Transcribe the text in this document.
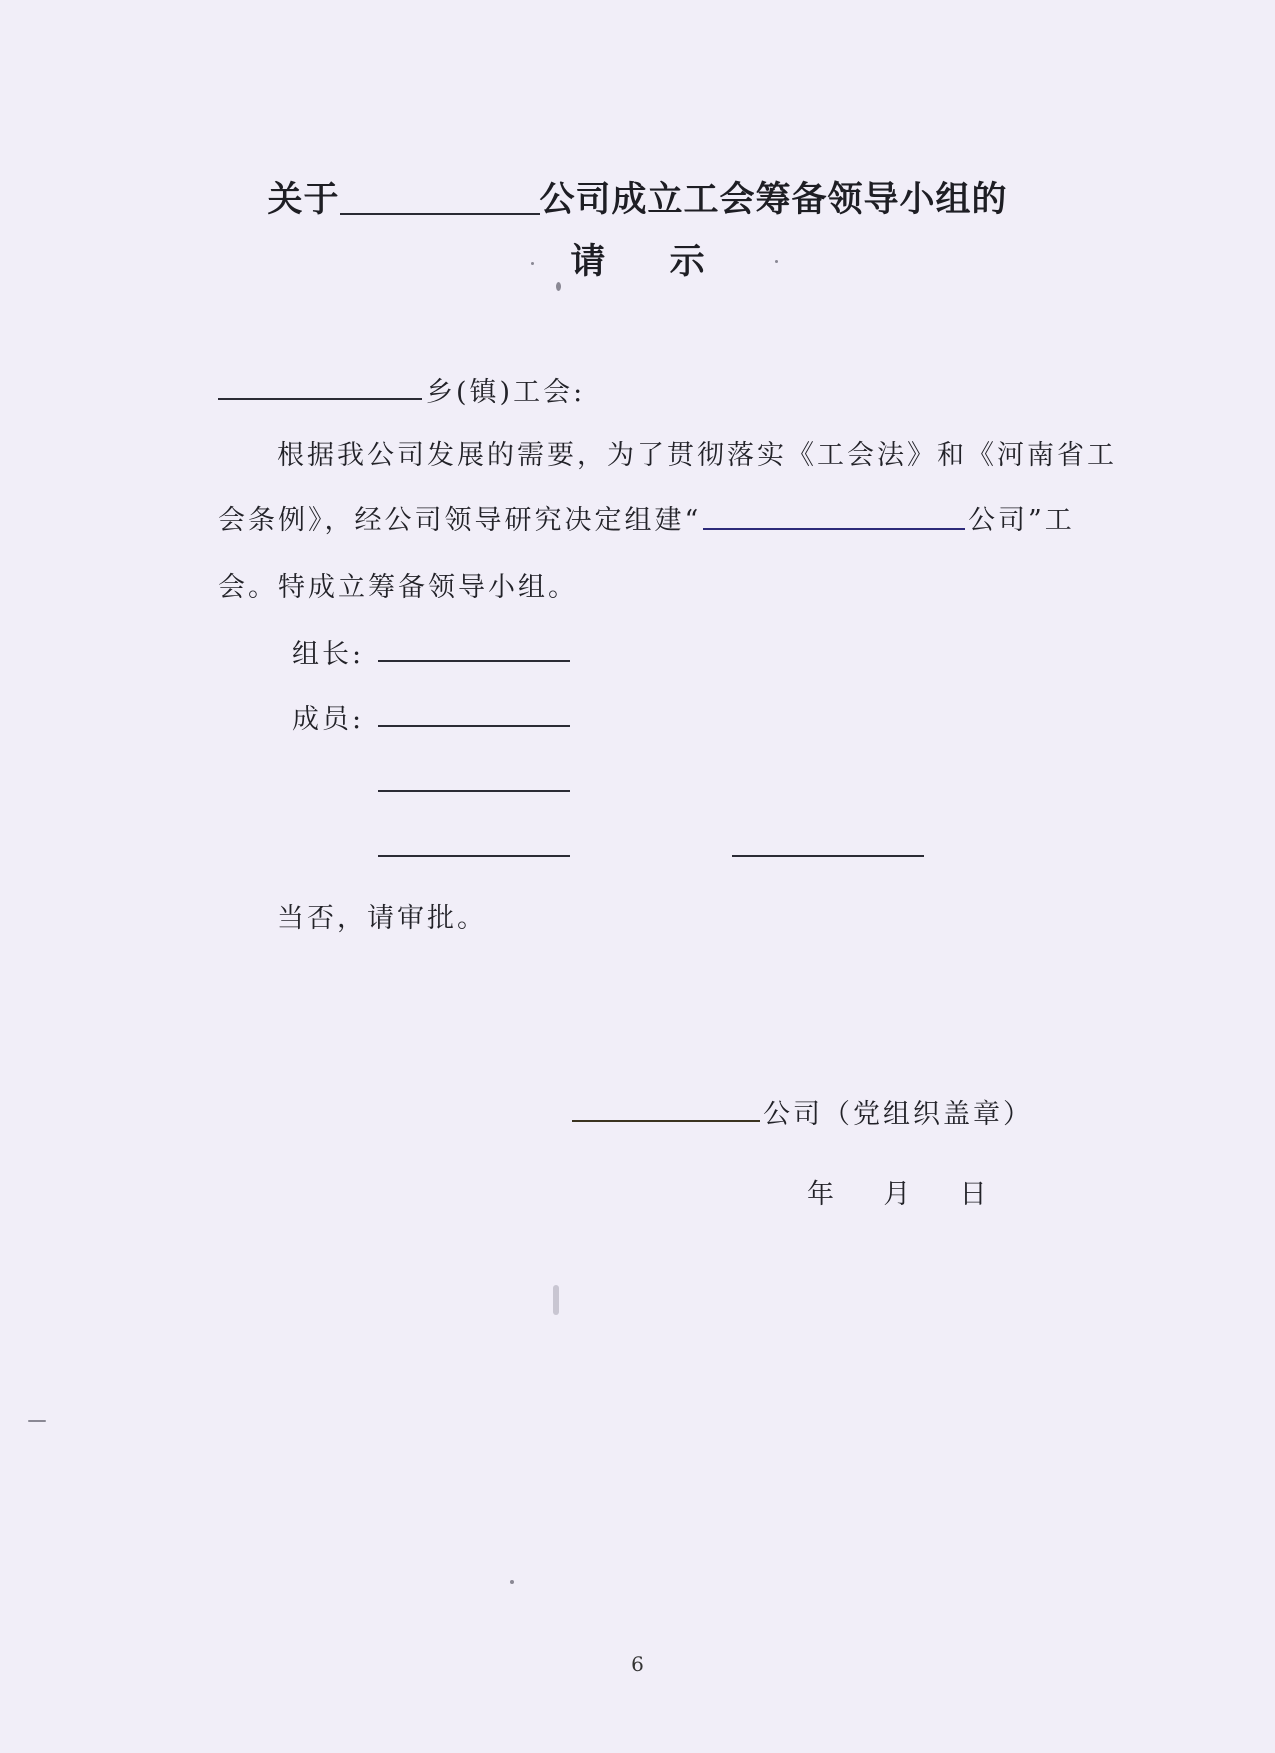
关于	公司成立工会筹备领导小组的
请 示
乡(镇)工会:
根据我公司发展的需要，为了贯彻落实《工会法》和《河南省工
会条例》，经公司领导研究决定组建“	公司”工
会。特成立筹备领导小组。
组长:
成员:
当否，请审批。
公司（党组织盖章）
年    月    日
6
